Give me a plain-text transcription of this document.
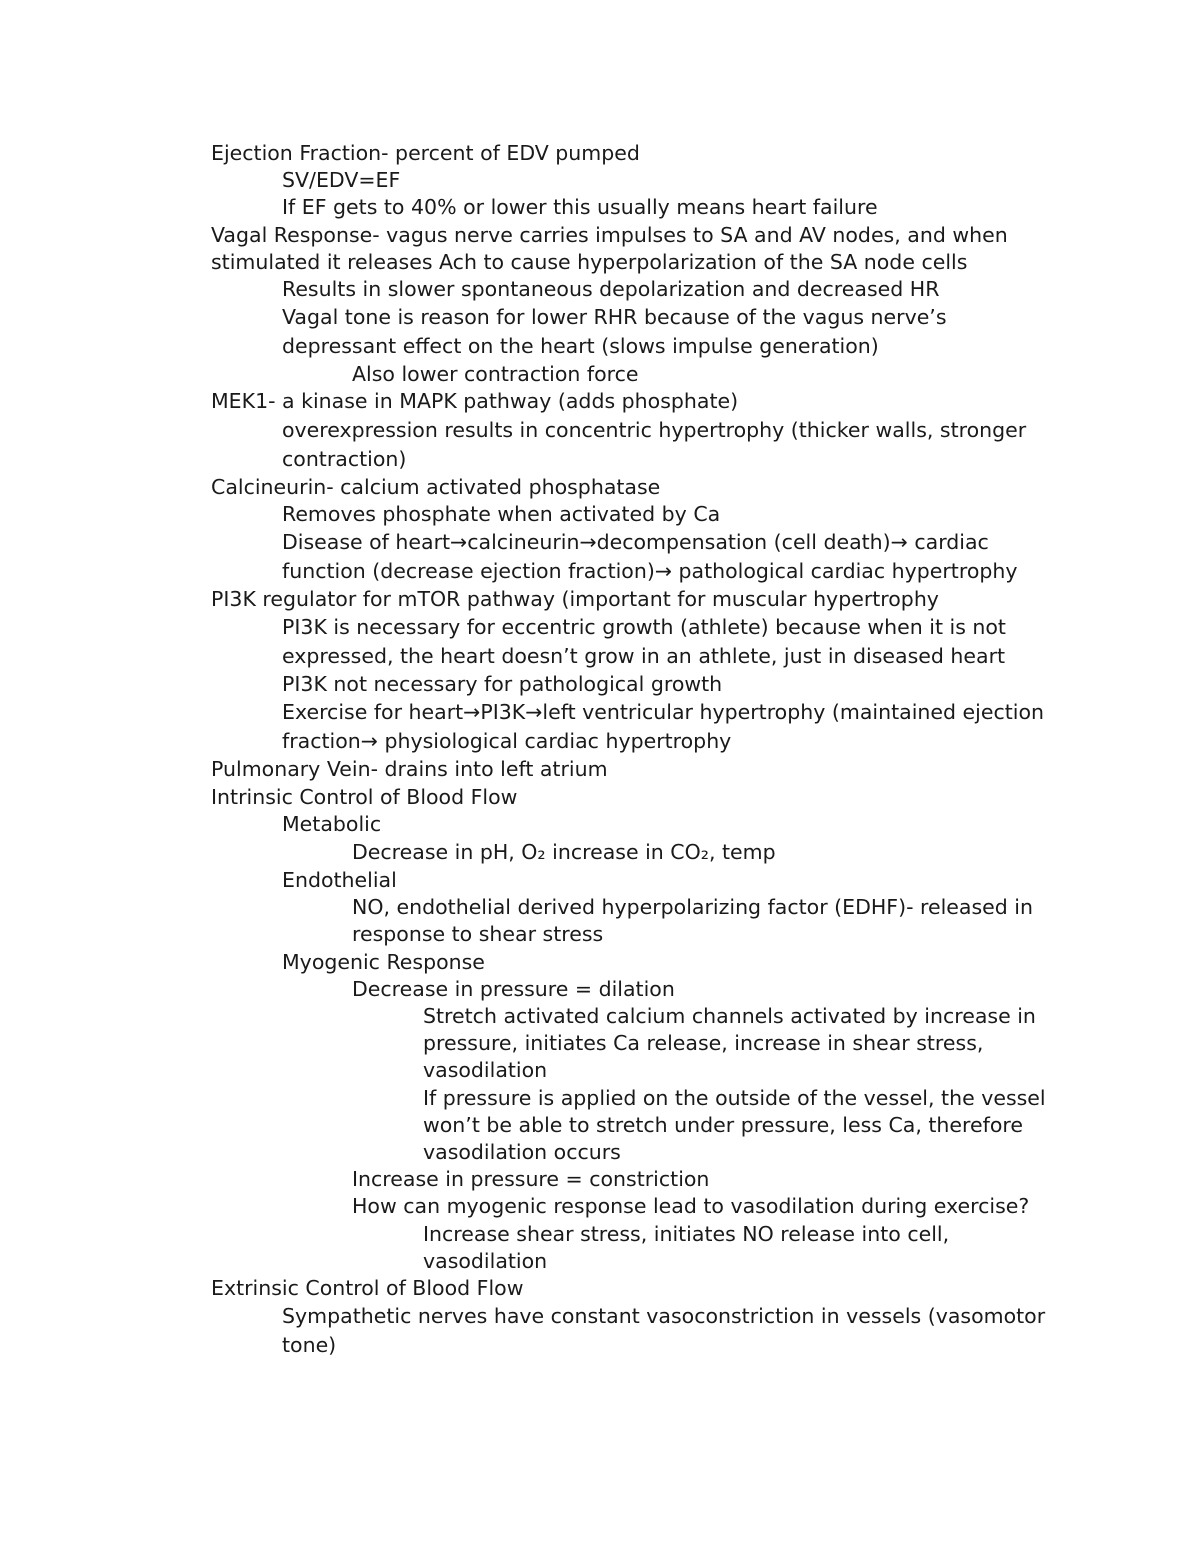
Ejection Fraction- percent of EDV pumped
SV/EDV=EF
If EF gets to 40% or lower this usually means heart failure
Vagal Response- vagus nerve carries impulses to SA and AV nodes, and when stimulated it releases Ach to cause hyperpolarization of the SA node cells
Results in slower spontaneous depolarization and decreased HR
Vagal tone is reason for lower RHR because of the vagus nerve’s depressant effect on the heart (slows impulse generation)
Also lower contraction force
MEK1- a kinase in MAPK pathway (adds phosphate)
overexpression results in concentric hypertrophy (thicker walls, stronger contraction)
Calcineurin- calcium activated phosphatase
Removes phosphate when activated by Ca
Disease of heart→calcineurin→decompensation (cell death)→ cardiac function (decrease ejection fraction)→ pathological cardiac hypertrophy
PI3K regulator for mTOR pathway (important for muscular hypertrophy
PI3K is necessary for eccentric growth (athlete) because when it is not expressed, the heart doesn’t grow in an athlete, just in diseased heart
PI3K not necessary for pathological growth
Exercise for heart→PI3K→left ventricular hypertrophy (maintained ejection fraction→ physiological cardiac hypertrophy
Pulmonary Vein- drains into left atrium
Intrinsic Control of Blood Flow
Metabolic
Decrease in pH, O₂ increase in CO₂, temp
Endothelial
NO, endothelial derived hyperpolarizing factor (EDHF)- released in response to shear stress
Myogenic Response
Decrease in pressure = dilation
Stretch activated calcium channels activated by increase in pressure, initiates Ca release, increase in shear stress, vasodilation
If pressure is applied on the outside of the vessel, the vessel won’t be able to stretch under pressure, less Ca, therefore vasodilation occurs
Increase in pressure = constriction
How can myogenic response lead to vasodilation during exercise?
Increase shear stress, initiates NO release into cell, vasodilation
Extrinsic Control of Blood Flow
Sympathetic nerves have constant vasoconstriction in vessels (vasomotor tone)
